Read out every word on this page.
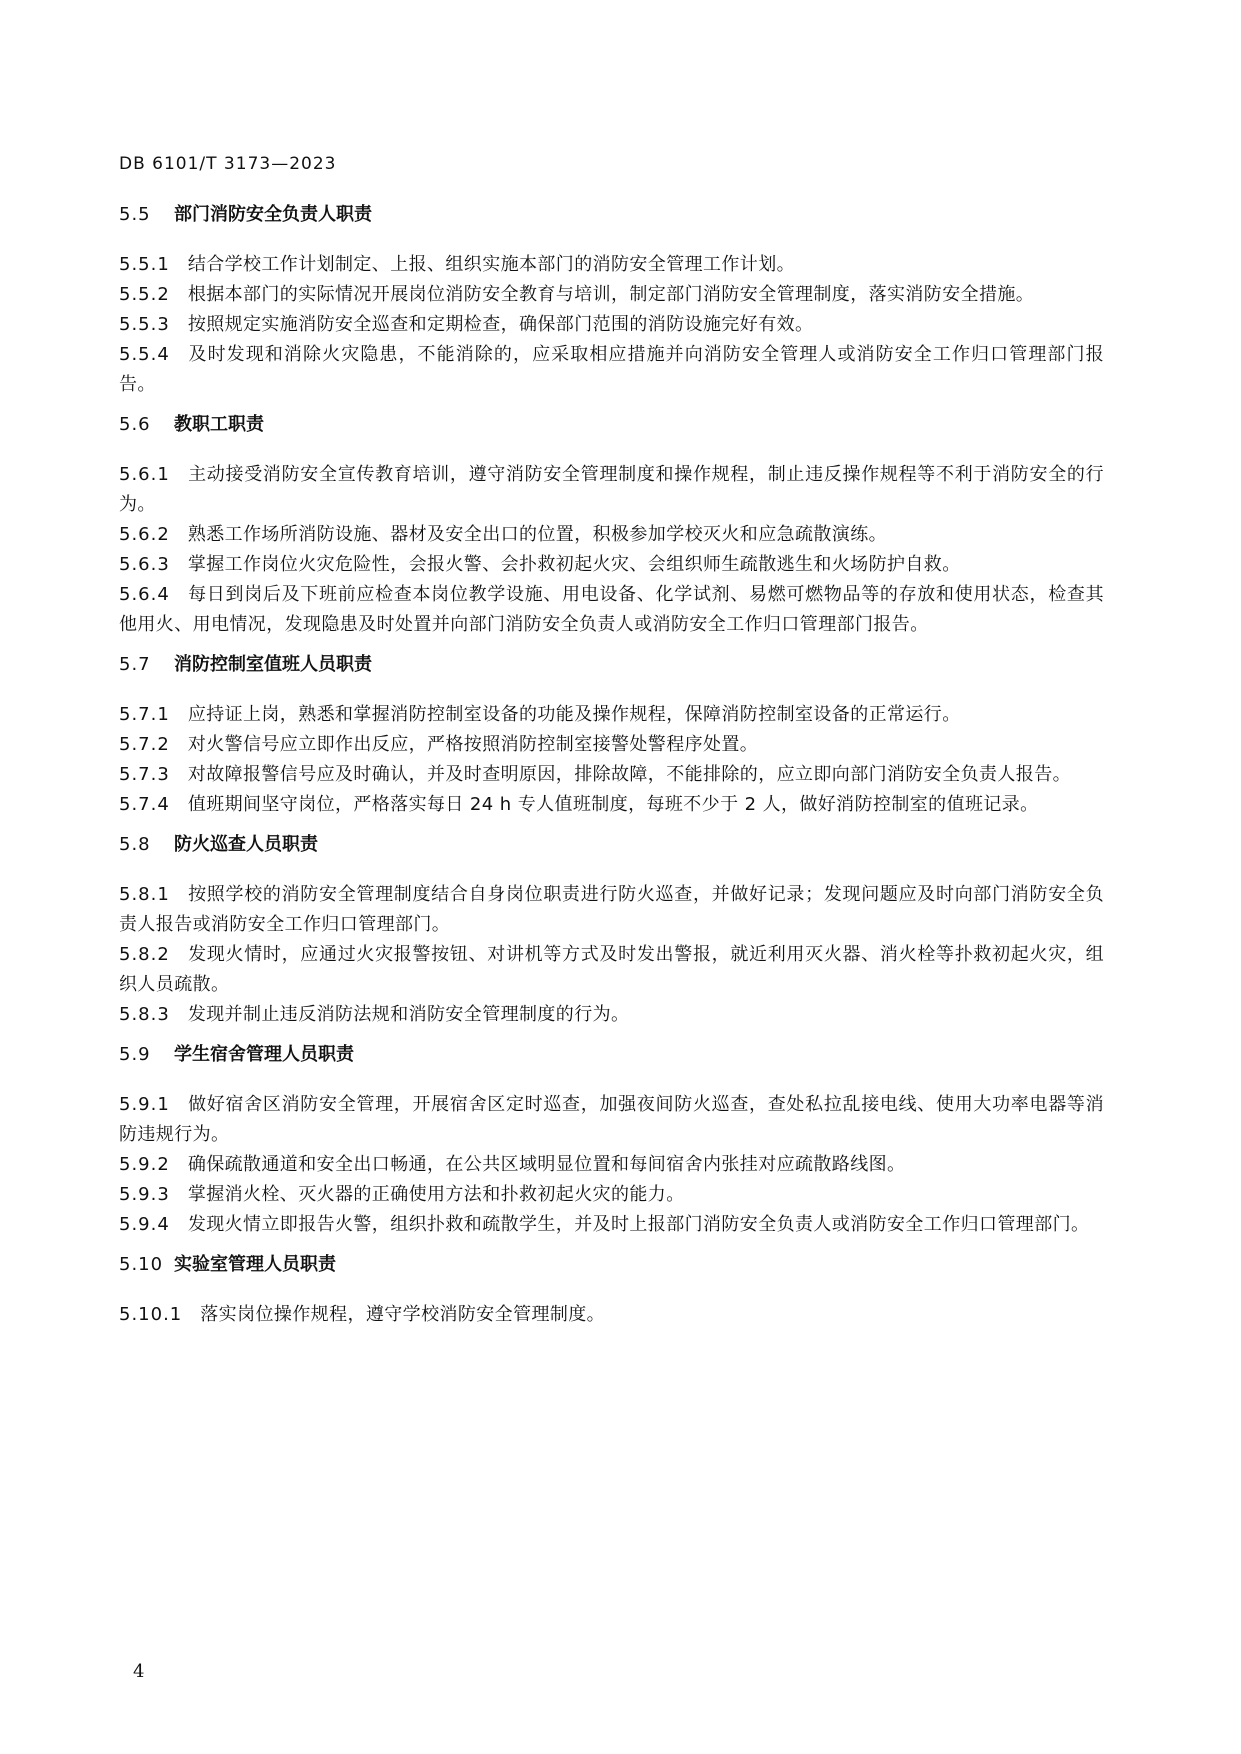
DB 6101/T 3173—2023
5.5 部门消防安全负责人职责

5.5.1 结合学校工作计划制定、上报、组织实施本部门的消防安全管理工作计划。

5.5.2 根据本部门的实际情况开展岗位消防安全教育与培训，制定部门消防安全管理制度，落实消防安全措施。

5.5.3 按照规定实施消防安全巡查和定期检查，确保部门范围的消防设施完好有效。

5.5.4 及时发现和消除火灾隐患，不能消除的，应采取相应措施并向消防安全管理人或消防安全工作归口管理部门报告。

5.6 教职工职责

5.6.1 主动接受消防安全宣传教育培训，遵守消防安全管理制度和操作规程，制止违反操作规程等不利于消防安全的行为。

5.6.2 熟悉工作场所消防设施、器材及安全出口的位置，积极参加学校灭火和应急疏散演练。

5.6.3 掌握工作岗位火灾危险性，会报火警、会扑救初起火灾、会组织师生疏散逃生和火场防护自救。

5.6.4 每日到岗后及下班前应检查本岗位教学设施、用电设备、化学试剂、易燃可燃物品等的存放和使用状态，检查其他用火、用电情况，发现隐患及时处置并向部门消防安全负责人或消防安全工作归口管理部门报告。

5.7 消防控制室值班人员职责

5.7.1 应持证上岗，熟悉和掌握消防控制室设备的功能及操作规程，保障消防控制室设备的正常运行。

5.7.2 对火警信号应立即作出反应，严格按照消防控制室接警处警程序处置。

5.7.3 对故障报警信号应及时确认，并及时查明原因，排除故障，不能排除的，应立即向部门消防安全负责人报告。

5.7.4 值班期间坚守岗位，严格落实每日 24 h 专人值班制度，每班不少于 2 人，做好消防控制室的值班记录。

5.8 防火巡查人员职责

5.8.1 按照学校的消防安全管理制度结合自身岗位职责进行防火巡查，并做好记录；发现问题应及时向部门消防安全负责人报告或消防安全工作归口管理部门。

5.8.2 发现火情时，应通过火灾报警按钮、对讲机等方式及时发出警报，就近利用灭火器、消火栓等扑救初起火灾，组织人员疏散。

5.8.3 发现并制止违反消防法规和消防安全管理制度的行为。

5.9 学生宿舍管理人员职责

5.9.1 做好宿舍区消防安全管理，开展宿舍区定时巡查，加强夜间防火巡查，查处私拉乱接电线、使用大功率电器等消防违规行为。

5.9.2 确保疏散通道和安全出口畅通，在公共区域明显位置和每间宿舍内张挂对应疏散路线图。

5.9.3 掌握消火栓、灭火器的正确使用方法和扑救初起火灾的能力。

5.9.4 发现火情立即报告火警，组织扑救和疏散学生，并及时上报部门消防安全负责人或消防安全工作归口管理部门。

5.10 实验室管理人员职责

5.10.1 落实岗位操作规程，遵守学校消防安全管理制度。

4
